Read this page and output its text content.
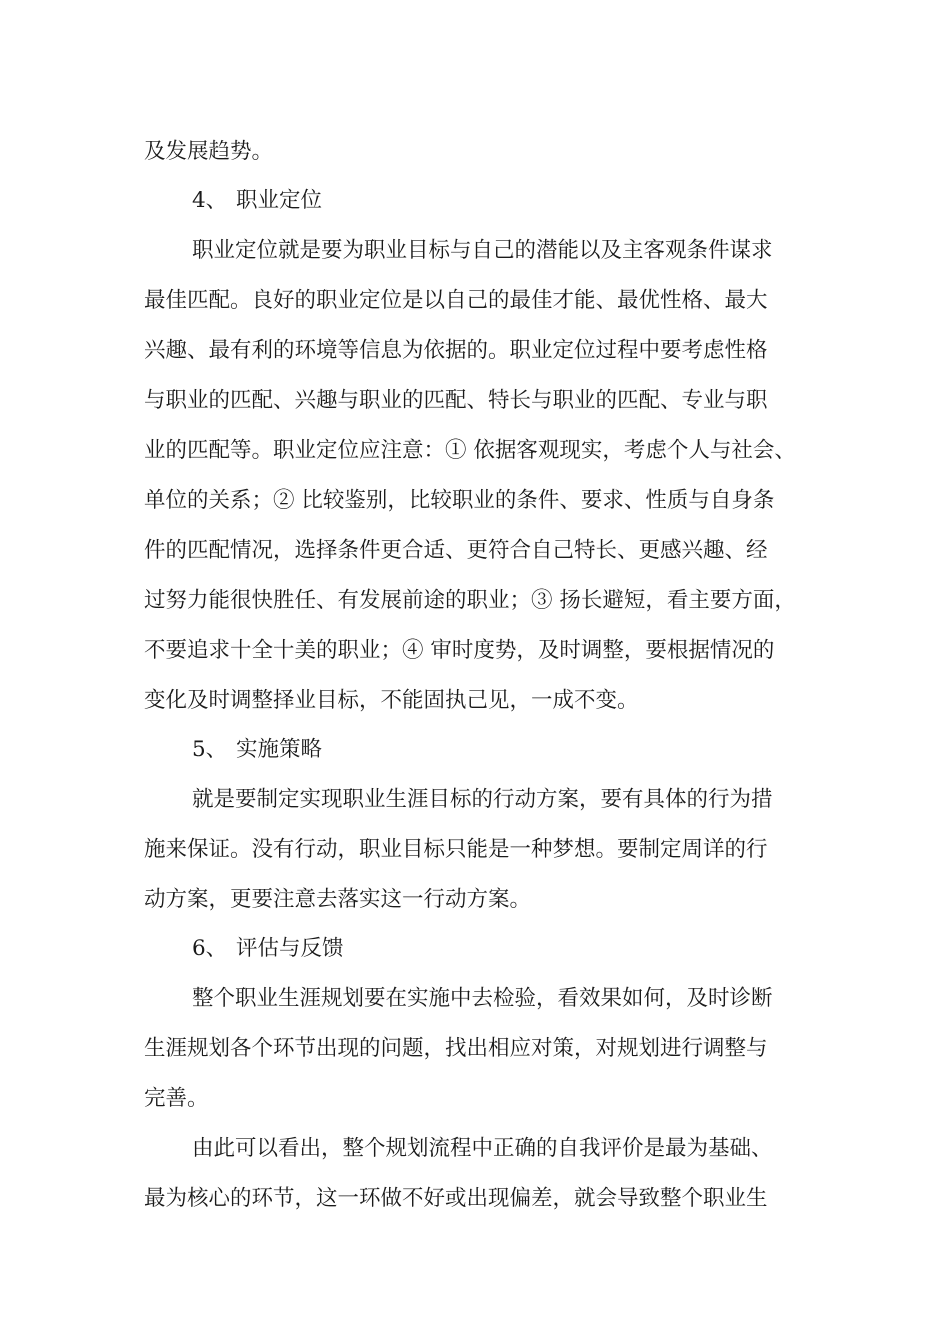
及发展趋势。
4、 职业定位
职业定位就是要为职业目标与自己的潜能以及主客观条件谋求
最佳匹配。良好的职业定位是以自己的最佳才能、最优性格、最大
兴趣、最有利的环境等信息为依据的。职业定位过程中要考虑性格
与职业的匹配、兴趣与职业的匹配、特长与职业的匹配、专业与职
业的匹配等。职业定位应注意：① 依据客观现实，考虑个人与社会、
单位的关系；② 比较鉴别，比较职业的条件、要求、性质与自身条
件的匹配情况，选择条件更合适、更符合自己特长、更感兴趣、经
过努力能很快胜任、有发展前途的职业；③ 扬长避短，看主要方面，
不要追求十全十美的职业；④ 审时度势，及时调整，要根据情况的
变化及时调整择业目标，不能固执己见，一成不变。
5、 实施策略
就是要制定实现职业生涯目标的行动方案，要有具体的行为措
施来保证。没有行动，职业目标只能是一种梦想。要制定周详的行
动方案，更要注意去落实这一行动方案。
6、 评估与反馈
整个职业生涯规划要在实施中去检验，看效果如何，及时诊断
生涯规划各个环节出现的问题，找出相应对策，对规划进行调整与
完善。
由此可以看出，整个规划流程中正确的自我评价是最为基础、
最为核心的环节，这一环做不好或出现偏差，就会导致整个职业生
